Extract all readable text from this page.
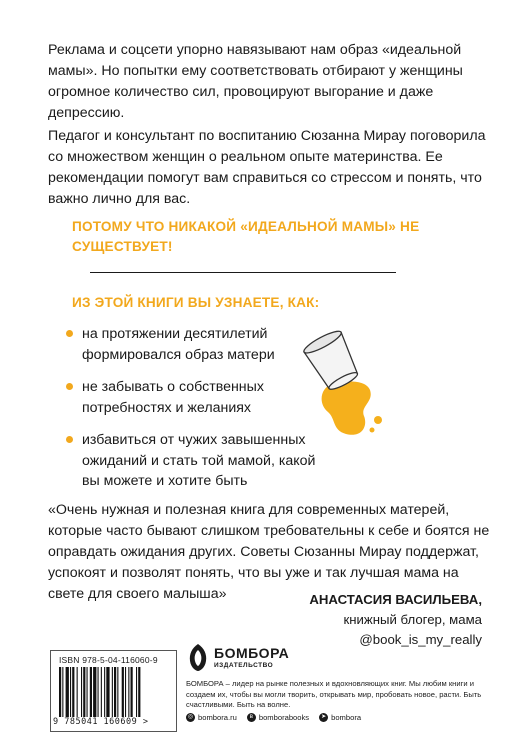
Реклама и соцсети упорно навязывают нам образ «идеальной мамы». Но попытки ему соответствовать отбирают у женщины огромное количество сил, провоцируют выгорание и даже депрессию.

Педагог и консультант по воспитанию Сюзанна Мирау поговорила со множеством женщин о реальном опыте материнства. Ее рекомендации помогут вам справиться со стрессом и понять, что важно лично для вас.

ПОТОМУ ЧТО НИКАКОЙ «ИДЕАЛЬНОЙ МАМЫ» НЕ СУЩЕСТВУЕТ!
ИЗ ЭТОЙ КНИГИ ВЫ УЗНАЕТЕ, КАК:
на протяжении десятилетий формировался образ матери
не забывать о собственных потребностях и желаниях
избавиться от чужих завышенных ожиданий и стать той мамой, какой вы можете и хотите быть

«Очень нужная и полезная книга для современных матерей, которые часто бывают слишком требовательны к себе и боятся не оправдать ожидания других. Советы Сюзанны Мирау поддержат, успокоят и позволят понять, что вы уже и так лучшая мама на свете для своего малыша»	АНАСТАСИЯ ВАСИЛЬЕВА,
книжный блогер, мама
@book_is_my_really
ISBN 978-5-04-116060-9
9 785041 160609 >
БОМБОРА
ИЗДАТЕЛЬСТВО
БОМБОРА – лидер на рынке полезных и вдохновляющих книг. Мы любим книги и создаем их, чтобы вы могли творить, открывать мир, пробовать новое, расти. Быть счастливыми. Быть на волне.
◎ bombora.ru	в bomborabooks	➤ bombora
